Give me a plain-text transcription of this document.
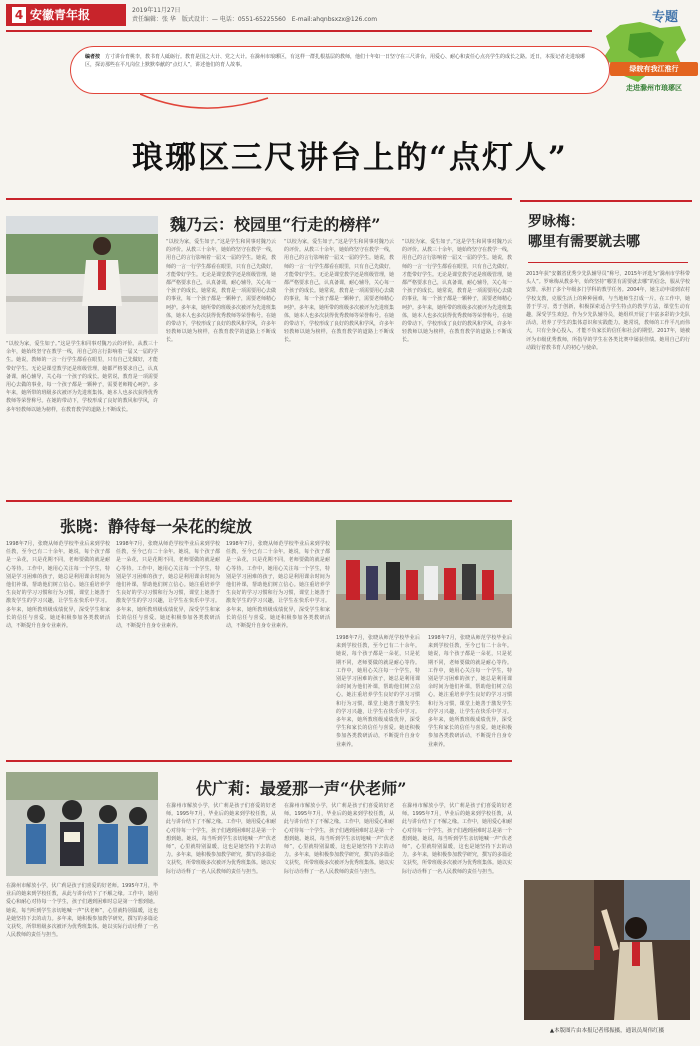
4 安徽青年报	2019年11月27日
责任编辑：张 华　版式设计：— 电话：0551-65225560　E-mail:ahqnbsxzx@126.com	专题
绿皖有我江淮行
走进滁州市琅琊区
编者按　 方寸讲台育桃李，教书育人砥砺行。教育是国之大计、党之大计。在滁州市琅琊区，有这样一群扎根基层的教师，他们十年如一日坚守在三尺讲台，用爱心、耐心和责任心点亮学生的成长之路。近日，本报记者走进琅琊区，探访那些在平凡岗位上默默奉献的“点灯人”，讲述他们的育人故事。
琅琊区三尺讲台上的“点灯人”
魏乃云：校园里“行走的榜样”
“以校为家，爱生如子。”这是学生和同事对魏乃云的评价。从教三十余年，她始终坚守在教学一线，用自己的言行影响着一届又一届的学生。她说，教师的一言一行学生都看在眼里，只有自己先做好，才能带好学生。无论是课堂教学还是班级管理，她都严格要求自己，认真备课，耐心辅导，关心每一个孩子的成长。她常说，教育是一项需要用心去做的事业，每一个孩子都是一颗种子，需要老师精心呵护。多年来，她所带的班级多次被评为先进班集体，她本人也多次获得优秀教师等荣誉称号。在她的带动下，学校形成了良好的教风和学风，许多年轻教师以她为榜样，在教育教学的道路上不断成长。
“以校为家，爱生如子。”这是学生和同事对魏乃云的评价。从教三十余年，她始终坚守在教学一线，用自己的言行影响着一届又一届的学生。她说，教师的一言一行学生都看在眼里，只有自己先做好，才能带好学生。无论是课堂教学还是班级管理，她都严格要求自己，认真备课，耐心辅导，关心每一个孩子的成长。她常说，教育是一项需要用心去做的事业，每一个孩子都是一颗种子，需要老师精心呵护。多年来，她所带的班级多次被评为先进班集体，她本人也多次获得优秀教师等荣誉称号。在她的带动下，学校形成了良好的教风和学风，许多年轻教师以她为榜样，在教育教学的道路上不断成长。
“以校为家，爱生如子。”这是学生和同事对魏乃云的评价。从教三十余年，她始终坚守在教学一线，用自己的言行影响着一届又一届的学生。她说，教师的一言一行学生都看在眼里，只有自己先做好，才能带好学生。无论是课堂教学还是班级管理，她都严格要求自己，认真备课，耐心辅导，关心每一个孩子的成长。她常说，教育是一项需要用心去做的事业，每一个孩子都是一颗种子，需要老师精心呵护。多年来，她所带的班级多次被评为先进班集体，她本人也多次获得优秀教师等荣誉称号。在她的带动下，学校形成了良好的教风和学风，许多年轻教师以她为榜样，在教育教学的道路上不断成长。
“以校为家，爱生如子。”这是学生和同事对魏乃云的评价。从教三十余年，她始终坚守在教学一线，用自己的言行影响着一届又一届的学生。她说，教师的一言一行学生都看在眼里，只有自己先做好，才能带好学生。无论是课堂教学还是班级管理，她都严格要求自己，认真备课，耐心辅导，关心每一个孩子的成长。她常说，教育是一项需要用心去做的事业，每一个孩子都是一颗种子，需要老师精心呵护。多年来，她所带的班级多次被评为先进班集体，她本人也多次获得优秀教师等荣誉称号。在她的带动下，学校形成了良好的教风和学风，许多年轻教师以她为榜样，在教育教学的道路上不断成长。
张晓：静待每一朵花的绽放
1998年7月，张晓从师范学校毕业后来到学校任教，至今已有二十余年。她说，每个孩子都是一朵花，只是花期不同，老师要做的就是耐心等待。工作中，她用心关注每一个学生，特别是学习困难的孩子，她总是利用课余时间为他们补课，帮助他们树立信心。她注重培养学生良好的学习习惯和行为习惯，课堂上她善于激发学生的学习兴趣，让学生在快乐中学习。多年来，她所教班级成绩优异，深受学生和家长的信任与喜爱。她还积极参加各类教研活动，不断提升自身专业素养。
1998年7月，张晓从师范学校毕业后来到学校任教，至今已有二十余年。她说，每个孩子都是一朵花，只是花期不同，老师要做的就是耐心等待。工作中，她用心关注每一个学生，特别是学习困难的孩子，她总是利用课余时间为他们补课，帮助他们树立信心。她注重培养学生良好的学习习惯和行为习惯，课堂上她善于激发学生的学习兴趣，让学生在快乐中学习。多年来，她所教班级成绩优异，深受学生和家长的信任与喜爱。她还积极参加各类教研活动，不断提升自身专业素养。
1998年7月，张晓从师范学校毕业后来到学校任教，至今已有二十余年。她说，每个孩子都是一朵花，只是花期不同，老师要做的就是耐心等待。工作中，她用心关注每一个学生，特别是学习困难的孩子，她总是利用课余时间为他们补课，帮助他们树立信心。她注重培养学生良好的学习习惯和行为习惯，课堂上她善于激发学生的学习兴趣，让学生在快乐中学习。多年来，她所教班级成绩优异，深受学生和家长的信任与喜爱。她还积极参加各类教研活动，不断提升自身专业素养。
1998年7月，张晓从师范学校毕业后来到学校任教，至今已有二十余年。她说，每个孩子都是一朵花，只是花期不同，老师要做的就是耐心等待。工作中，她用心关注每一个学生，特别是学习困难的孩子，她总是利用课余时间为他们补课，帮助他们树立信心。她注重培养学生良好的学习习惯和行为习惯，课堂上她善于激发学生的学习兴趣，让学生在快乐中学习。多年来，她所教班级成绩优异，深受学生和家长的信任与喜爱。她还积极参加各类教研活动，不断提升自身专业素养。
1998年7月，张晓从师范学校毕业后来到学校任教，至今已有二十余年。她说，每个孩子都是一朵花，只是花期不同，老师要做的就是耐心等待。工作中，她用心关注每一个学生，特别是学习困难的孩子，她总是利用课余时间为他们补课，帮助他们树立信心。她注重培养学生良好的学习习惯和行为习惯，课堂上她善于激发学生的学习兴趣，让学生在快乐中学习。多年来，她所教班级成绩优异，深受学生和家长的信任与喜爱。她还积极参加各类教研活动，不断提升自身专业素养。
伏广莉：最爱那一声“伏老师”
在滁州市解放小学，伏广莉是孩子们喜爱的好老师。1995年7月，毕业后的她来到学校任教，从此与讲台结下了不解之缘。工作中，她用爱心和耐心对待每一个学生，孩子们遇到困难时总是第一个想到她。她说，每当听到学生亲切地喊一声“伏老师”，心里就特别温暖，这也是她坚持下去的动力。多年来，她积极参加教学研究，撰写的多篇论文获奖，所带班级多次被评为优秀班集体。她以实际行动诠释了一名人民教师的责任与担当。
在滁州市解放小学，伏广莉是孩子们喜爱的好老师。1995年7月，毕业后的她来到学校任教，从此与讲台结下了不解之缘。工作中，她用爱心和耐心对待每一个学生，孩子们遇到困难时总是第一个想到她。她说，每当听到学生亲切地喊一声“伏老师”，心里就特别温暖，这也是她坚持下去的动力。多年来，她积极参加教学研究，撰写的多篇论文获奖，所带班级多次被评为优秀班集体。她以实际行动诠释了一名人民教师的责任与担当。
在滁州市解放小学，伏广莉是孩子们喜爱的好老师。1995年7月，毕业后的她来到学校任教，从此与讲台结下了不解之缘。工作中，她用爱心和耐心对待每一个学生，孩子们遇到困难时总是第一个想到她。她说，每当听到学生亲切地喊一声“伏老师”，心里就特别温暖，这也是她坚持下去的动力。多年来，她积极参加教学研究，撰写的多篇论文获奖，所带班级多次被评为优秀班集体。她以实际行动诠释了一名人民教师的责任与担当。
在滁州市解放小学，伏广莉是孩子们喜爱的好老师。1995年7月，毕业后的她来到学校任教，从此与讲台结下了不解之缘。工作中，她用爱心和耐心对待每一个学生，孩子们遇到困难时总是第一个想到她。她说，每当听到学生亲切地喊一声“伏老师”，心里就特别温暖，这也是她坚持下去的动力。多年来，她积极参加教学研究，撰写的多篇论文获奖，所带班级多次被评为优秀班集体。她以实际行动诠释了一名人民教师的责任与担当。
罗咏梅：
哪里有需要就去哪
2013年获“安徽省优秀少先队辅导员”称号，2015年评选为“滁州市学科带头人”。罗咏梅从教多年，始终坚持“哪里有需要就去哪”的信念，服从学校安排，承担了多个年级多门学科的教学任务。2004年，她主动申请到农村学校支教，克服生活上的种种困难，与当地师生打成一片。在工作中，她善于学习，勇于创新，积极探索适合学生特点的教学方法，课堂生动有趣，深受学生欢迎。作为少先队辅导员，她组织开展了丰富多彩的少先队活动，培养了学生的集体意识和实践能力。她常说，教师的工作平凡而伟大，只有全身心投入，才能不负家长的信任和社会的期望。2017年，她被评为市级优秀教师，所指导的学生在各类比赛中屡获佳绩。她用自己的行动践行着教书育人的初心与使命。
▲本版图片由本报记者邢振摄，通讯员周伟红摄
